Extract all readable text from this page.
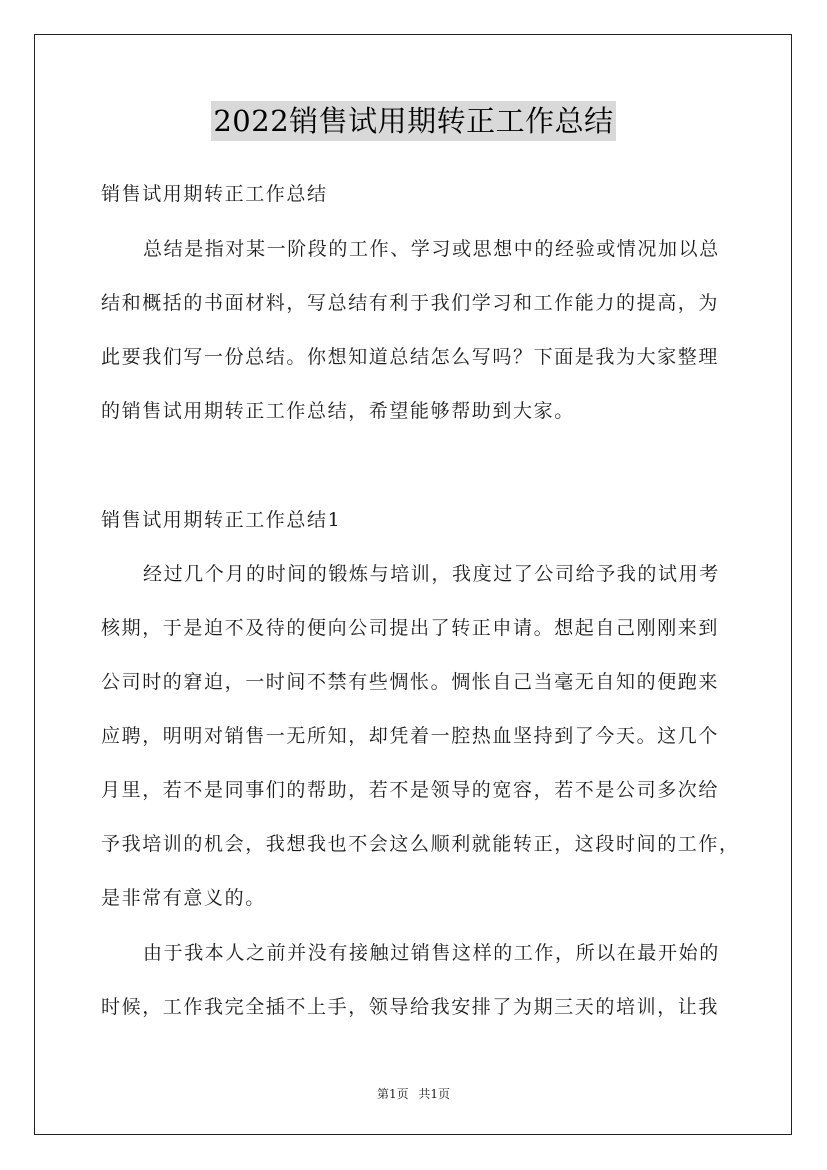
2022销售试用期转正工作总结
销售试用期转正工作总结
总结是指对某一阶段的工作、学习或思想中的经验或情况加以总
结和概括的书面材料，写总结有利于我们学习和工作能力的提高，为
此要我们写一份总结。你想知道总结怎么写吗？下面是我为大家整理
的销售试用期转正工作总结，希望能够帮助到大家。
销售试用期转正工作总结1
经过几个月的时间的锻炼与培训，我度过了公司给予我的试用考
核期，于是迫不及待的便向公司提出了转正申请。想起自己刚刚来到
公司时的窘迫，一时间不禁有些惆怅。惆怅自己当毫无自知的便跑来
应聘，明明对销售一无所知，却凭着一腔热血坚持到了今天。这几个
月里，若不是同事们的帮助，若不是领导的宽容，若不是公司多次给
予我培训的机会，我想我也不会这么顺利就能转正，这段时间的工作，
是非常有意义的。
由于我本人之前并没有接触过销售这样的工作，所以在最开始的
时候，工作我完全插不上手，领导给我安排了为期三天的培训，让我
第1页 共1页
